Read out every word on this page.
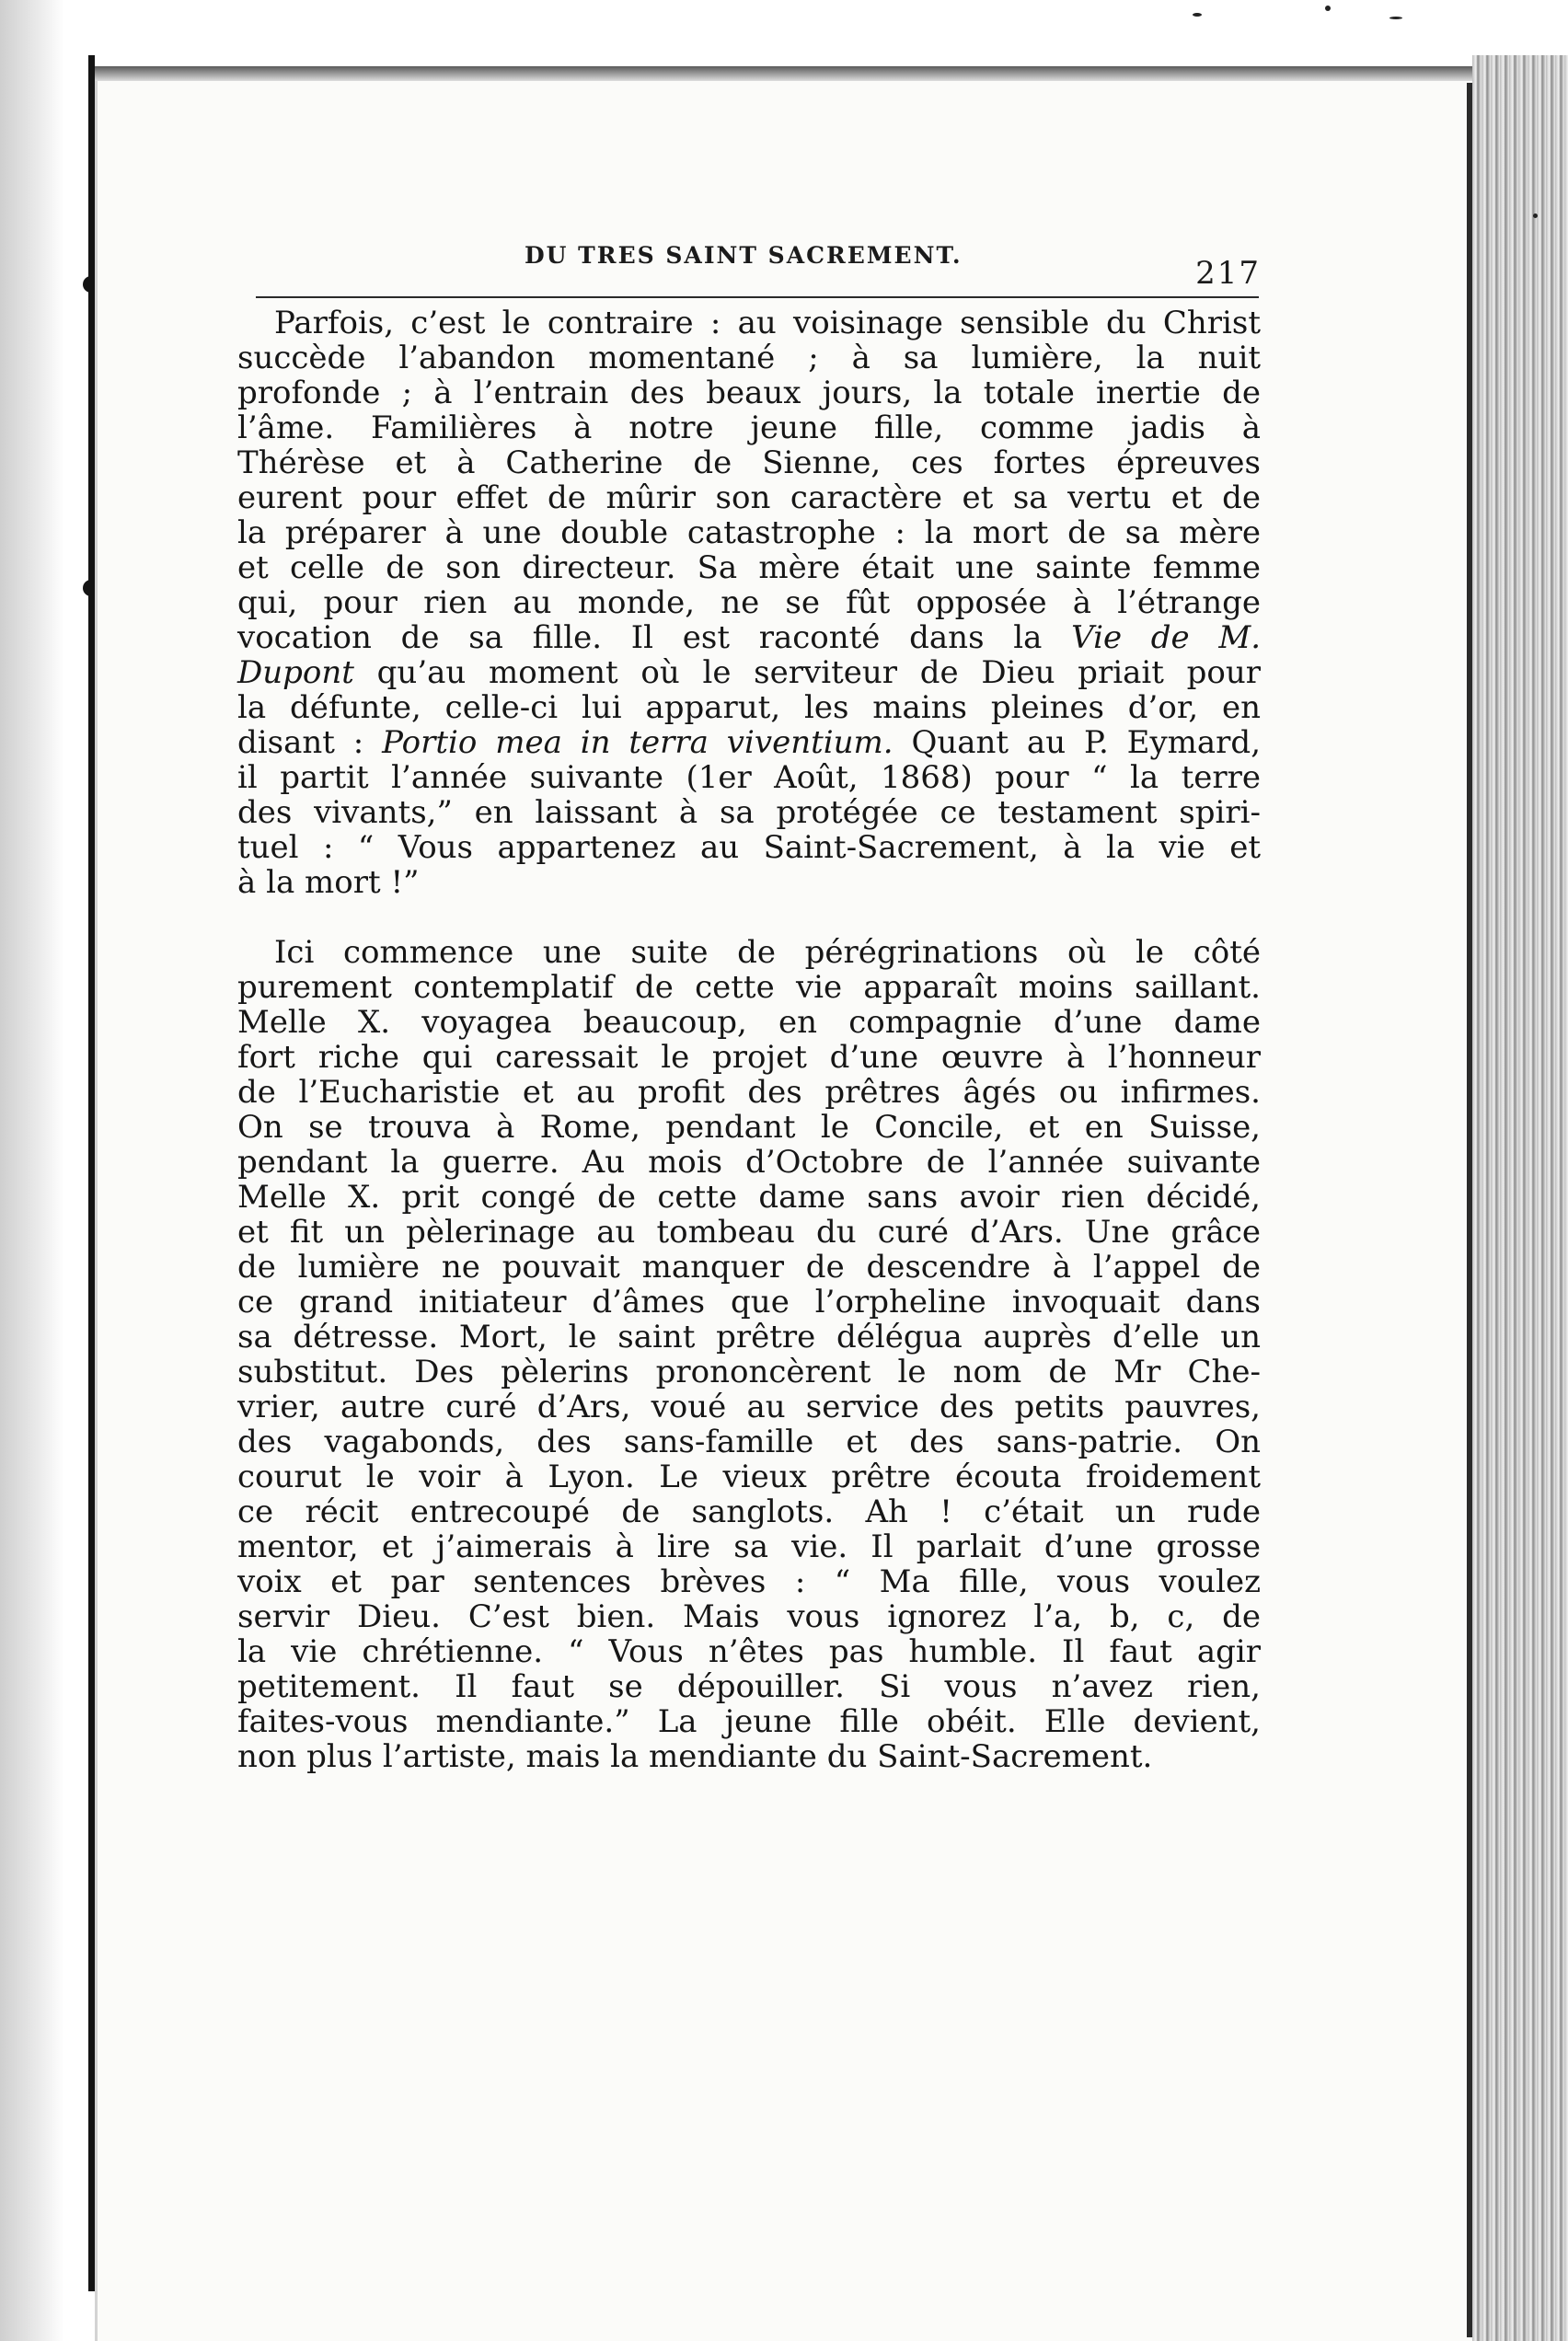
DU TRES SAINT SACREMENT.	217
Parfois, c’est le contraire : au voisinage sensible du Christ
succède l’abandon momentané ; à sa lumière, la nuit
profonde ; à l’entrain des beaux jours, la totale inertie de
l’âme. Familières à notre jeune fille, comme jadis à
Thérèse et à Catherine de Sienne, ces fortes épreuves
eurent pour effet de mûrir son caractère et sa vertu et de
la préparer à une double catastrophe : la mort de sa mère
et celle de son directeur. Sa mère était une sainte femme
qui, pour rien au monde, ne se fût opposée à l’étrange
vocation de sa fille. Il est raconté dans la Vie de M.
Dupont qu’au moment où le serviteur de Dieu priait pour
la défunte, celle-ci lui apparut, les mains pleines d’or, en
disant : Portio mea in terra viventium. Quant au P. Eymard,
il partit l’année suivante (1er Août, 1868) pour “ la terre
des vivants,” en laissant à sa protégée ce testament spiri-
tuel : “ Vous appartenez au Saint-Sacrement, à la vie et
à la mort !”
Ici commence une suite de pérégrinations où le côté
purement contemplatif de cette vie apparaît moins saillant.
Melle X. voyagea beaucoup, en compagnie d’une dame
fort riche qui caressait le projet d’une œuvre à l’honneur
de l’Eucharistie et au profit des prêtres âgés ou infirmes.
On se trouva à Rome, pendant le Concile, et en Suisse,
pendant la guerre. Au mois d’Octobre de l’année suivante
Melle X. prit congé de cette dame sans avoir rien décidé,
et fit un pèlerinage au tombeau du curé d’Ars. Une grâce
de lumière ne pouvait manquer de descendre à l’appel de
ce grand initiateur d’âmes que l’orpheline invoquait dans
sa détresse. Mort, le saint prêtre délégua auprès d’elle un
substitut. Des pèlerins prononcèrent le nom de Mr Che-
vrier, autre curé d’Ars, voué au service des petits pauvres,
des vagabonds, des sans-famille et des sans-patrie. On
courut le voir à Lyon. Le vieux prêtre écouta froidement
ce récit entrecoupé de sanglots. Ah ! c’était un rude
mentor, et j’aimerais à lire sa vie. Il parlait d’une grosse
voix et par sentences brèves : “ Ma fille, vous voulez
servir Dieu. C’est bien. Mais vous ignorez l’a, b, c, de
la vie chrétienne. “ Vous n’êtes pas humble. Il faut agir
petitement. Il faut se dépouiller. Si vous n’avez rien,
faites-vous mendiante.” La jeune fille obéit. Elle devient,
non plus l’artiste, mais la mendiante du Saint-Sacrement.
